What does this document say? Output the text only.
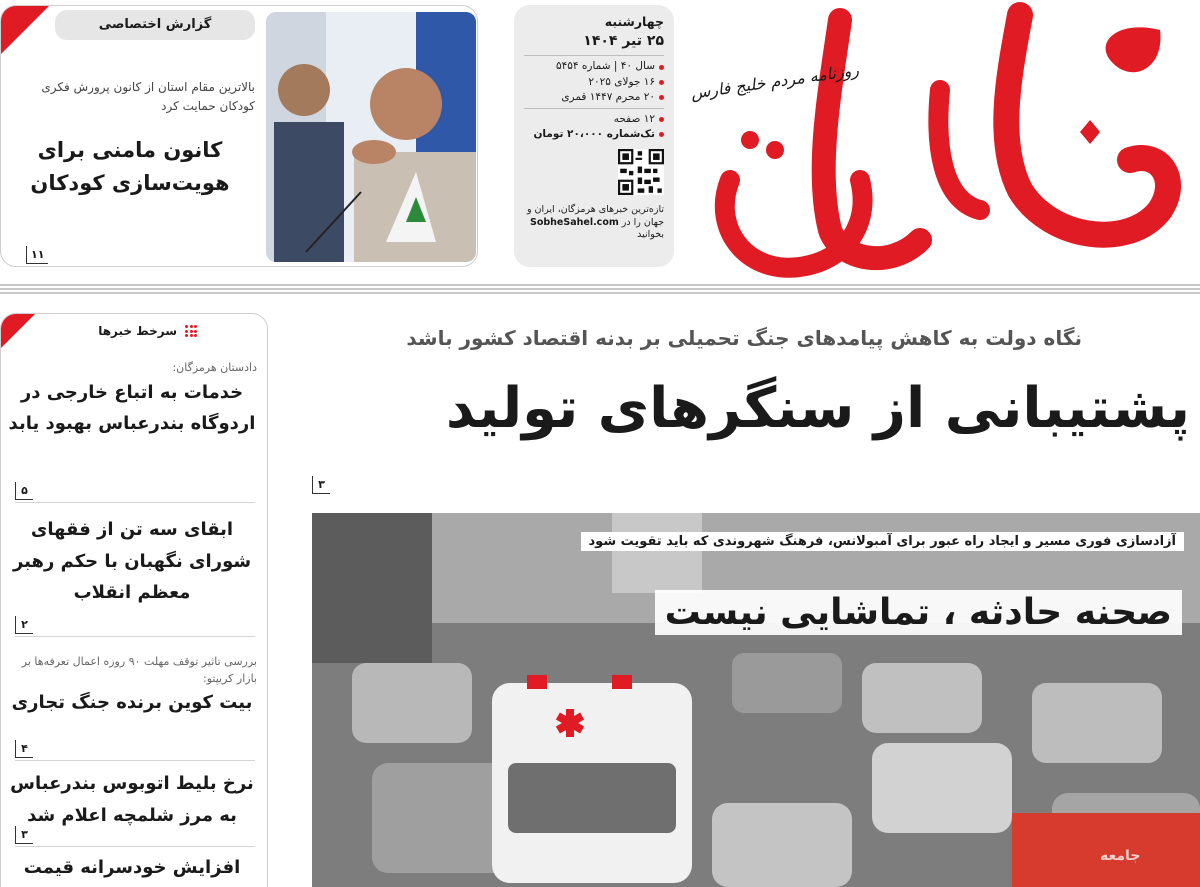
روزنامه مردم خلیج فارس
چهارشنبه
۲۵ تیر ۱۴۰۴
سال ۴۰ | شماره ۵۴۵۴
۱۶ جولای ۲۰۲۵
۲۰ محرم ۱۴۴۷ قمری
۱۲ صفحه
تک‌شماره ۲۰،۰۰۰ تومان
تازه‌ترین خبرهای هرمزگان، ایران و
جهان را در SobheSahel.com
بخوانید
گزارش اختصاصی
بالاترین مقام استان از کانون پرورش فکری کودکان حمایت کرد
کانون مامنی برای هویت‌سازی کودکان
۱۱
سرخط خبرها
دادستان هرمزگان:
خدمات به اتباع خارجی در اردوگاه بندرعباس بهبود یابد
۵
ابقای سه تن از فقهای شورای نگهبان با حکم رهبر معظم انقلاب
۲
بررسی تاثیر توقف مهلت ۹۰ روزه اعمال تعرفه‌ها بر بازار کریپتو:
بیت کوین برنده جنگ تجاری
۴
نرخ بلیط اتوبوس بندرعباس به مرز شلمچه اعلام شد
۳
افزایش خودسرانه قیمت
نگاه دولت به کاهش پیامدهای جنگ تحمیلی بر بدنه اقتصاد کشور باشد
پشتیبانی از سنگرهای تولید
۳
آزادسازی فوری مسیر و ایجاد راه عبور برای آمبولانس، فرهنگ شهروندی که باید تقویت شود
صحنه حادثه ، تماشایی نیست
جامعه
